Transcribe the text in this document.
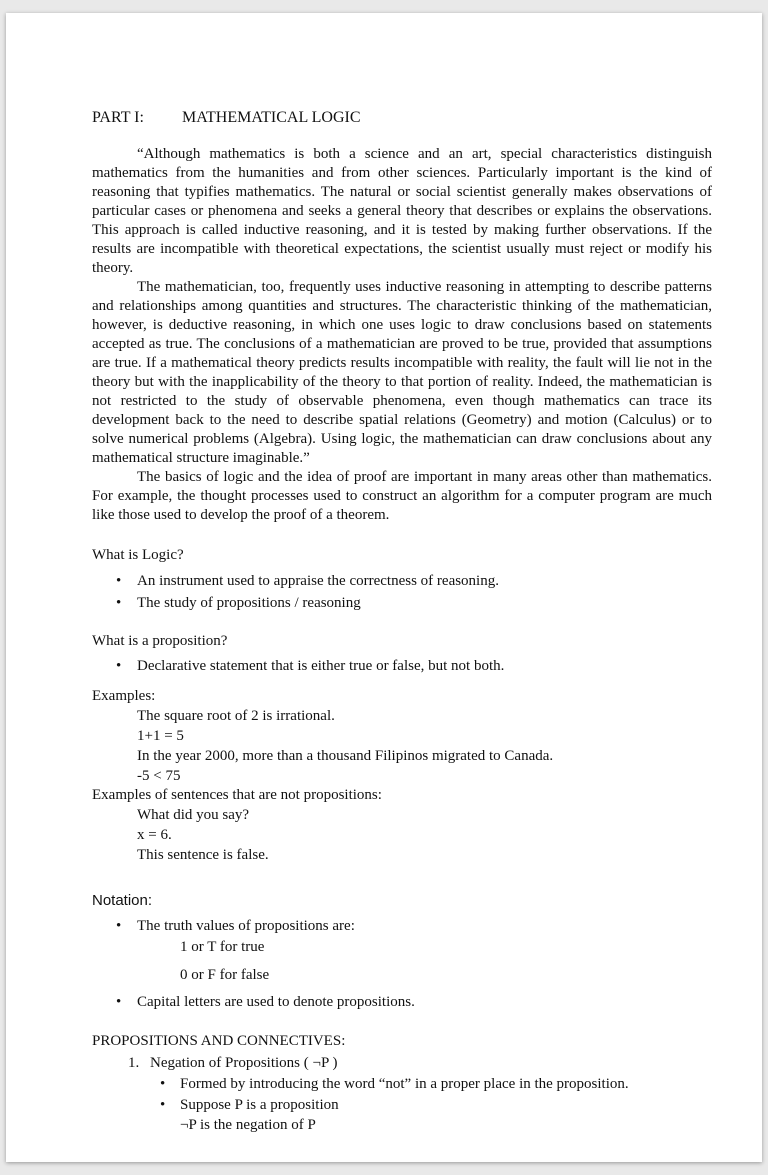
PART I: MATHEMATICAL LOGIC

“Although mathematics is both a science and an art, special characteristics distinguish mathematics from the humanities and from other sciences. Particularly important is the kind of reasoning that typifies mathematics. The natural or social scientist generally makes observations of particular cases or phenomena and seeks a general theory that describes or explains the observations. This approach is called inductive reasoning, and it is tested by making further observations. If the results are incompatible with theoretical expectations, the scientist usually must reject or modify his theory.

The mathematician, too, frequently uses inductive reasoning in attempting to describe patterns and relationships among quantities and structures. The characteristic thinking of the mathematician, however, is deductive reasoning, in which one uses logic to draw conclusions based on statements accepted as true. The conclusions of a mathematician are proved to be true, provided that assumptions are true. If a mathematical theory predicts results incompatible with reality, the fault will lie not in the theory but with the inapplicability of the theory to that portion of reality. Indeed, the mathematician is not restricted to the study of observable phenomena, even though mathematics can trace its development back to the need to describe spatial relations (Geometry) and motion (Calculus) or to solve numerical problems (Algebra). Using logic, the mathematician can draw conclusions about any mathematical structure imaginable.”

The basics of logic and the idea of proof are important in many areas other than mathematics. For example, the thought processes used to construct an algorithm for a computer program are much like those used to develop the proof of a theorem.

What is Logic?
•
An instrument used to appraise the correctness of reasoning.
•
The study of propositions / reasoning
What is a proposition?
•
Declarative statement that is either true or false, but not both.
Examples:
The square root of 2 is irrational.
1+1 = 5
In the year 2000, more than a thousand Filipinos migrated to Canada.
-5 < 75
Examples of sentences that are not propositions:
What did you say?
x = 6.
This sentence is false.
Notation:
•
The truth values of propositions are:
1 or T for true
0 or F for false
•
Capital letters are used to denote propositions.
PROPOSITIONS AND CONNECTIVES:
1. Negation of Propositions ( ¬P )
•
Formed by introducing the word “not” in a proper place in the proposition.
•
Suppose P is a proposition
¬P is the negation of P
